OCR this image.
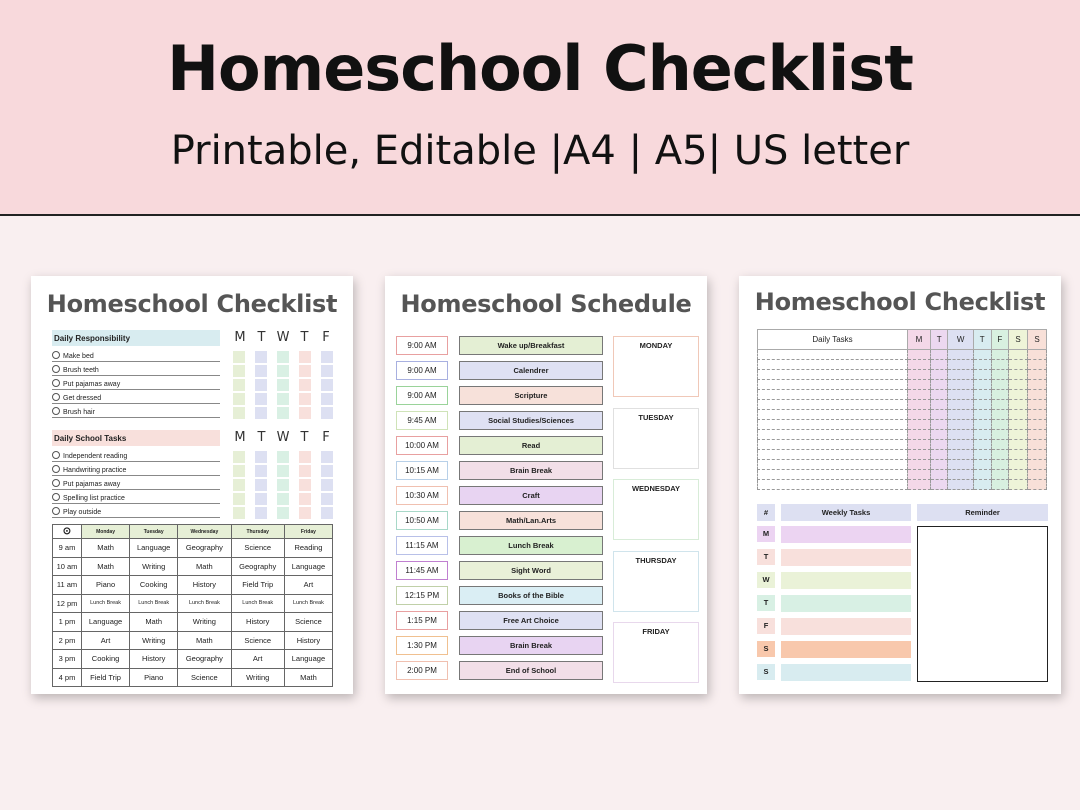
Homeschool Checklist
Printable, Editable |A4 | A5| US letter
Homeschool Checklist
Daily Responsibility	M T W T	F
Make bed
Brush teeth
Put pajamas away
Get dressed
Brush hair
Daily School Tasks	M T W T	F
Independent reading
Handwriting practice
Put pajamas away
Spelling list practice
Play outside
⊙	Monday	Tuesday	Wednesday	Thursday	Friday
9 am	Math	Language	Geography	Science	Reading
10 am	Math	Writing	Math	Geography	Language
11 am	Piano	Cooking	History	Field Trip	Art
12 pm	Lunch Break	Lunch Break	Lunch Break	Lunch Break	Lunch Break
1 pm	Language	Math	Writing	History	Science
2 pm	Art	Writing	Math	Science	History
3 pm	Cooking	History	Geography	Art	Language
4 pm	Field Trip	Piano	Science	Writing	Math
Homeschool Schedule
9:00 AM	Wake up/Breakfast
9:00 AM	Calendrer
9:00 AM	Scripture
9:45 AM	Social Studies/Sciences
10:00 AM	Read
10:15 AM	Brain Break
10:30 AM	Craft
10:50 AM	Math/Lan.Arts
11:15 AM	Lunch Break
11:45 AM	Sight Word
12:15 PM	Books of the Bible
1:15 PM	Free Art Choice
1:30 PM	Brain Break
2:00 PM	End of School
MONDAY
TUESDAY
WEDNESDAY
THURSDAY
FRIDAY
Homeschool Checklist
Daily Tasks	M	T	W	T	F	S	S

#	Weekly Tasks	Reminder
M
T
W
T
F
S
S
